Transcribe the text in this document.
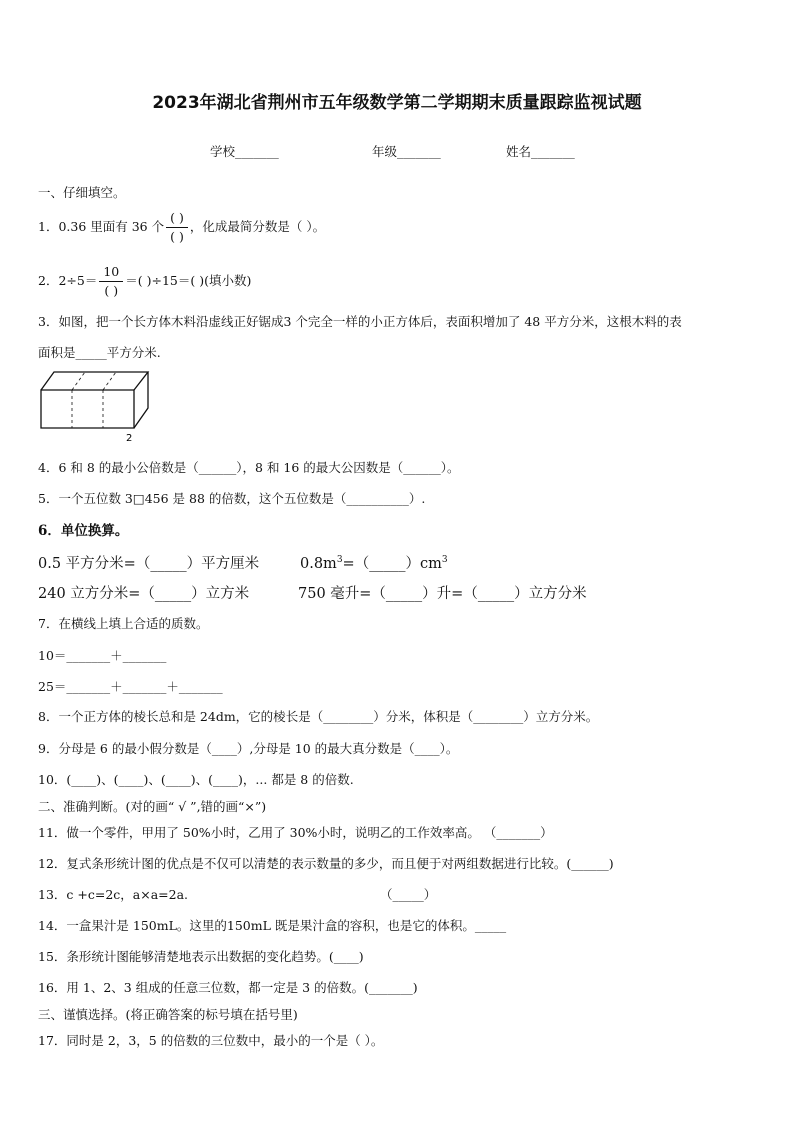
2023年湖北省荆州市五年级数学第二学期期末质量跟踪监视试题
学校_______	年级_______	姓名_______
一、仔细填空。
1．0.36 里面有 36 个 $\frac{( )}{( )}$ ，化成最简分数是（ ）。
2．$2\div 5= \frac{10}{( )}$ ＝( )÷15＝( )(填小数)
3．如图，把一个长方体木料沿虚线正好锯成3 个完全一样的小正方体后，表面积增加了 48 平方分米，这根木料的表
面积是_____平方分米.
2
4．6 和 8 的最小公倍数是（______），8 和 16 的最大公因数是（______）。
5．一个五位数 3□456 是 88 的倍数，这个五位数是（__________）.
6．单位换算。
0.5 平方分米=（_____）平方厘米	$0.8m^3=(\_\_\_\_\_)cm^3$
240 立方分米=（_____）立方米	750 毫升=（_____）升=（_____）立方分米
7．在横线上填上合适的质数。
10＝_______＋_______
25＝_______＋_______＋_______
8．一个正方体的棱长总和是 24dm，它的棱长是（________）分米，体积是（________）立方分米。
9．分母是 6 的最小假分数是（____）,分母是 10 的最大真分数是（____）。
10．(____)、(____)、(____)、(____)，... 都是 8 的倍数.
二、准确判断。(对的画“ √ ”,错的画“×”)
11．做一个零件，甲用了 50%小时，乙用了 30%小时，说明乙的工作效率高。 （_______）
12．复式条形统计图的优点是不仅可以清楚的表示数量的多少，而且便于对两组数据进行比较。(______)
13．c +c=2c，a×a=2a.	（_____）
14．一盒果汁是 150mL。这里的150mL 既是果汁盒的容积，也是它的体积。_____
15．条形统计图能够清楚地表示出数据的变化趋势。(____)
16．用 1、2、3 组成的任意三位数，都一定是 3 的倍数。(_______)
三、谨慎选择。(将正确答案的标号填在括号里)
17．同时是 2，3，5 的倍数的三位数中，最小的一个是（ ）。
